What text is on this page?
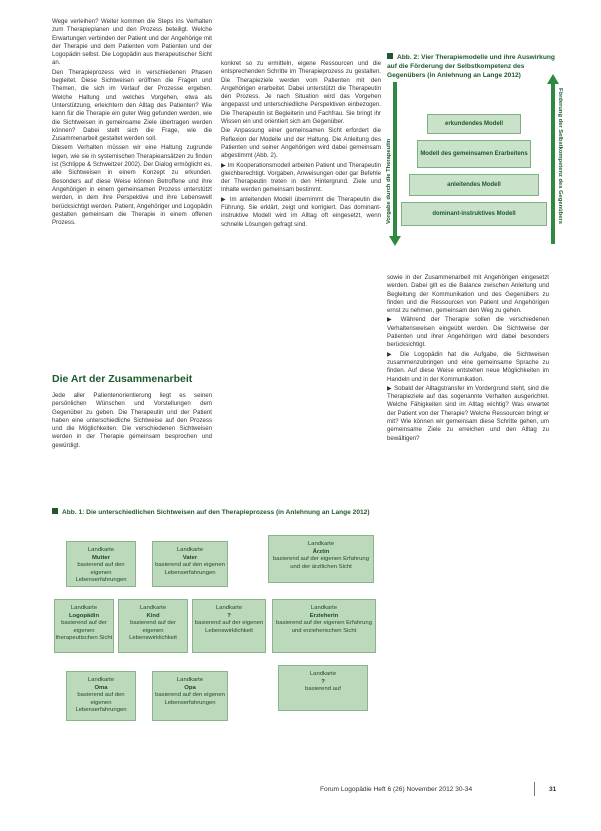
Wege verleihen? Weiter kommen die Steps ins Verhalten zum Therapieplanen und den Prozess beteiligt. Welche Erwartungen verbinden der Patient und der Angehörige mit der Therapie und dem Patienten vom Patienten und der Logopädin selbst. Die Logopädin aus therapeutischer Sicht an.

Den Therapieprozess wird in verschiedenen Phasen begleitet. Diese Sichtweisen eröffnen die Fragen und Themen, die sich im Verlauf der Prozesse ergeben. Welche Haltung und welches Vorgehen, etwa als Unterstützung, erleichtern den Alltag des Patienten? Wie kann für die Therapie ein guter Weg gefunden werden, wie die Sichtweisen in gemeinsame Ziele übertragen werden können? Dabei stellt sich die Frage, wie die Zusammenarbeit gestaltet werden soll.

Diesem Verhalten müssen wir eine Haltung zugrunde legen, wie sie in systemischen Therapieansätzen zu finden ist (Schlippe & Schweitzer 2002). Der Dialog ermöglicht es, alle Sichtweisen in einem Konzept zu erkunden. Besonders auf diese Weise können Betroffene und ihre Angehörigen in einem gemeinsamen Prozess unterstützt werden, in dem ihre Perspektive und ihre Lebenswelt berücksichtigt werden. Patient, Angehöriger und Logopädin gestalten gemeinsam die Therapie in einem offenen Prozess.

Die Art der Zusammenarbeit

Jede aller Patientenorientierung liegt es seinen persönlichen Wünschen und Vorstellungen dem Gegenüber zu geben. Die Therapeutin und der Patient haben eine unterschiedliche Sichtweise auf den Prozess und die Möglichkeiten. Die verschiedenen Sichtweisen werden in der Therapie gemeinsam besprochen und gewürdigt.

konkret so zu ermitteln, eigene Ressourcen und die entsprechenden Schritte im Therapieprozess zu gestalten. Die Therapieziele werden vom Patienten mit den Angehörigen erarbeitet. Dabei unterstützt die Therapeutin den Prozess. Je nach Situation wird das Vorgehen angepasst und unterschiedliche Perspektiven einbezogen. Die Therapeutin ist Begleiterin und Fachfrau. Sie bringt ihr Wissen ein und orientiert sich am Gegenüber.

Die Anpassung einer gemeinsamen Sicht erfordert die Reflexion der Modelle und der Haltung. Die Anleitung des Patienten und seiner Angehörigen wird dabei gemeinsam abgestimmt (Abb. 2).

▶ Im Kooperationsmodell arbeiten Patient und Therapeutin gleichberechtigt. Vorgaben, Anweisungen oder gar Befehle der Therapeutin treten in den Hintergrund. Ziele und Inhalte werden gemeinsam bestimmt.

▶ Im anleitenden Modell übernimmt die Therapeutin die Führung. Sie erklärt, zeigt und korrigiert. Das dominant-instruktive Modell wird im Alltag oft eingesetzt, wenn schnelle Lösungen gefragt sind.

sowie in der Zusammenarbeit mit Angehörigen eingesetzt werden. Dabei gilt es die Balance zwischen Anleitung und Begleitung der Kommunikation und des Gegenübers zu finden und die Ressourcen von Patient und Angehörigen ernst zu nehmen, gemeinsam den Weg zu gehen.

▶ Während der Therapie sollen die verschiedenen Verhaltensweisen eingeübt werden. Die Sichtweise der Patienten und ihrer Angehörigen wird dabei besonders berücksichtigt.

▶ Die Logopädin hat die Aufgabe, die Sichtweisen zusammenzubringen und eine gemeinsame Sprache zu finden. Auf diese Weise entstehen neue Möglichkeiten im Handeln und in der Kommunikation.

▶ Sobald der Alltagstransfer im Vordergrund steht, sind die Therapieziele auf das sogenannte Verhalten ausgerichtet. Welche Fähigkeiten sind im Alltag wichtig? Was erwartet der Patient von der Therapie? Welche Ressourcen bringt er mit? Wie können wir gemeinsam diese Schritte gehen, um gemeinsame Ziele zu erreichen und den Alltag zu bewältigen?

Abb. 2: Vier Therapiemodelle und ihre Auswirkung auf die Förderung der Selbstkompetenz des Gegenübers (in Anlehnung an Lange 2012)
Vorgabe durch die Therapeutin	Förderung der Selbstkompetenz des Gegenübers
erkundendes Modell
Modell des gemeinsamen Erarbeitens
anleitendes Modell
dominant-instruktives Modell
Abb. 1: Die unterschiedlichen Sichtweisen auf den Therapieprozess (in Anlehnung an Lange 2012)
Landkarte
Mutter
basierend auf den eigenen Lebenserfahrungen
Landkarte
Vater
basierend auf den eigenen Lebenserfahrungen
Landkarte
Ärztin
basierend auf der eigenen Erfahrung und der ärztlichen Sicht
Landkarte
Logopädin
basierend auf der eigenen therapeutischen Sicht
Landkarte
Kind
basierend auf der eigenen Lebenswirklichkeit
Landkarte
?
basierend auf der eigenen Lebenswirklichkeit
Landkarte
Erzieherin
basierend auf der eigenen Erfahrung und erzieherischen Sicht
Landkarte
Oma
basierend auf den eigenen Lebenserfahrungen
Landkarte
Opa
basierend auf den eigenen Lebenserfahrungen
Landkarte
?
basierend auf
Forum Logopädie Heft 6 (26) November 2012 30-34	31
